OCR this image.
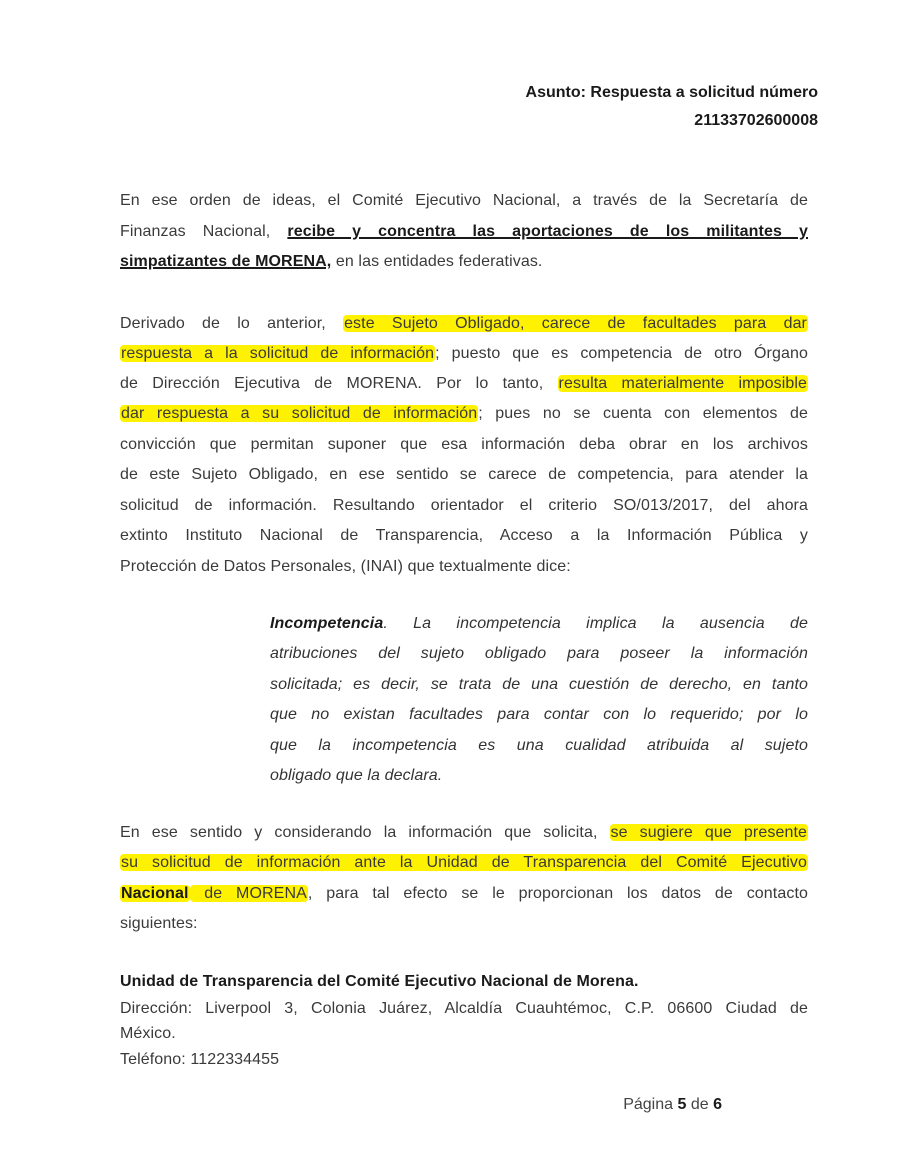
Asunto: Respuesta a solicitud número
21133702600008
En ese orden de ideas, el Comité Ejecutivo Nacional, a través de la Secretaría de
Finanzas Nacional, recibe y concentra las aportaciones de los militantes y
simpatizantes de MORENA, en las entidades federativas.
Derivado de lo anterior, este Sujeto Obligado, carece de facultades para dar
respuesta a la solicitud de información; puesto que es competencia de otro Órgano
de Dirección Ejecutiva de MORENA. Por lo tanto, resulta materialmente imposible
dar respuesta a su solicitud de información; pues no se cuenta con elementos de
convicción que permitan suponer que esa información deba obrar en los archivos
de este Sujeto Obligado, en ese sentido se carece de competencia, para atender la
solicitud de información. Resultando orientador el criterio SO/013/2017, del ahora
extinto Instituto Nacional de Transparencia, Acceso a la Información Pública y
Protección de Datos Personales, (INAI) que textualmente dice:
Incompetencia. La incompetencia implica la ausencia de
atribuciones del sujeto obligado para poseer la información
solicitada; es decir, se trata de una cuestión de derecho, en tanto
que no existan facultades para contar con lo requerido; por lo
que la incompetencia es una cualidad atribuida al sujeto
obligado que la declara.
En ese sentido y considerando la información que solicita, se sugiere que presente
su solicitud de información ante la Unidad de Transparencia del Comité Ejecutivo
Nacional de MORENA, para tal efecto se le proporcionan los datos de contacto
siguientes:
Unidad de Transparencia del Comité Ejecutivo Nacional de Morena.
Dirección: Liverpool 3, Colonia Juárez, Alcaldía Cuauhtémoc, C.P. 06600 Ciudad de
México.
Teléfono: 1122334455
Página 5 de 6
